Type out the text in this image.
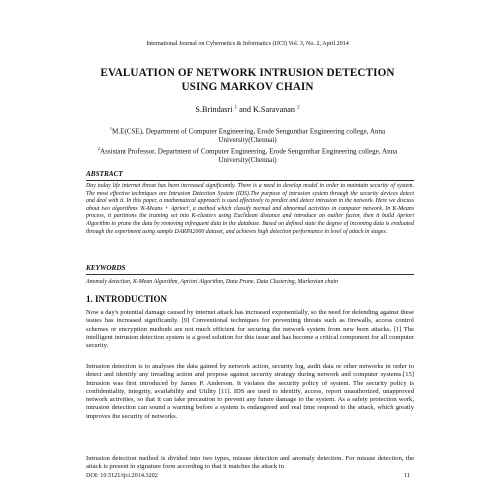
International Journal on Cybernetics & Informatics (IJCI) Vol. 3, No. 2, April 2014
EVALUATION OF NETWORK INTRUSION DETECTION
USING MARKOV CHAIN
S.Brindasri $^1$ and K.Saravanan $^2$
$^1$M.E(CSE), Department of Computer Engineering, Erode Sengunthar Engineering college, Anna University(Chennai)
$^2$Assistant Professor, Department of Computer Engineering, Erode Sengunthar Engineering college, Anna University(Chennai)
ABSTRACT
Day today life internet threat has been increased significantly. There is a need to develop model in order to maintain security of system. The most effective techniques are Intrusion Detection System (IDS).The purpose of intrusion system through the security devices detect and deal with it. In this paper, a mathematical approach is used effectively to predict and detect intrusion in the network. Here we discuss about two algorithms 'K-Means + Apriori', a method which classify normal and abnormal activities in computer network. In K-Means process, it partitions the training set into K-clusters using Euclidean distance and introduce an outlier factor, then it build Apriori Algorithm to prune the data by removing infrequent data in the database. Based on defined state the degree of incoming data is evaluated through the experiment using sample DARPA2000 dataset, and achieves high detection performance in level of attack in stages.
KEYWORDS
Anomaly detection, K-Mean Algorithm, Apriori Algorithm, Data Prune, Data Clustering, Markovian chain
1. INTRODUCTION
Now a day's potential damage caused by internet attack has increased exponentially, so the need for defending against these issues has increased significantly. [9] Conventional techniques for preventing threats such as firewalls, access control schemes or encryption methods are not much efficient for securing the network system from new born attacks. [1] The intelligent intrusion detection system is a good solution for this issue and has become a critical component for all computer security.
Intrusion detection is to analyses the data gained by network action, security log, audit data or other networks in order to detect and identify any invading action and propose against security strategy during network and computer systems.[15] Intrusion was first introduced by James P. Anderson. It violates the security policy of system. The security policy is confidentiality, integrity, availability and Utility [11]. IDS are used to identify, access, report unauthorized, unapproved network activities, so that it can take precaution to prevent any future damage to the system. As a safety protection work, intrusion detection can sound a warning before a system is endangered and real time respond to the attack, which greatly improves the security of networks.
Intrusion detection method is divided into two types, misuse detection and anomaly detection. For misuse detection, the attack is present in signature form according to that it matches the attack in
DOI: 10.5121/ijci.2014.3202	11
